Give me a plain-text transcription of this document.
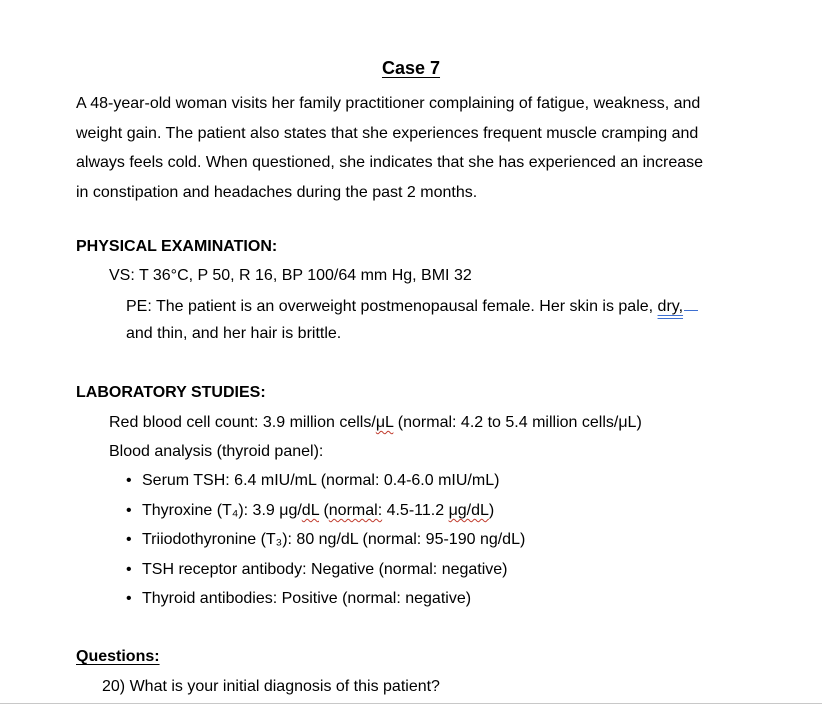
Case 7
A 48-year-old woman visits her family practitioner complaining of fatigue, weakness, and
weight gain. The patient also states that she experiences frequent muscle cramping and
always feels cold. When questioned, she indicates that she has experienced an increase
in constipation and headaches during the past 2 months.
PHYSICAL EXAMINATION:
VS: T 36°C, P 50, R 16, BP 100/64 mm Hg, BMI 32
PE: The patient is an overweight postmenopausal female. Her skin is pale, dry,
and thin, and her hair is brittle.
LABORATORY STUDIES:
Red blood cell count: 3.9 million cells/μL (normal: 4.2 to 5.4 million cells/μL)
Blood analysis (thyroid panel):
• Serum TSH: 6.4 mIU/mL (normal: 0.4-6.0 mIU/mL)
• Thyroxine (T₄): 3.9 μg/dL (normal: 4.5-11.2 μg/dL)
• Triiodothyronine (T₃): 80 ng/dL (normal: 95-190 ng/dL)
• TSH receptor antibody: Negative (normal: negative)
• Thyroid antibodies: Positive (normal: negative)
Questions:
20) What is your initial diagnosis of this patient?
